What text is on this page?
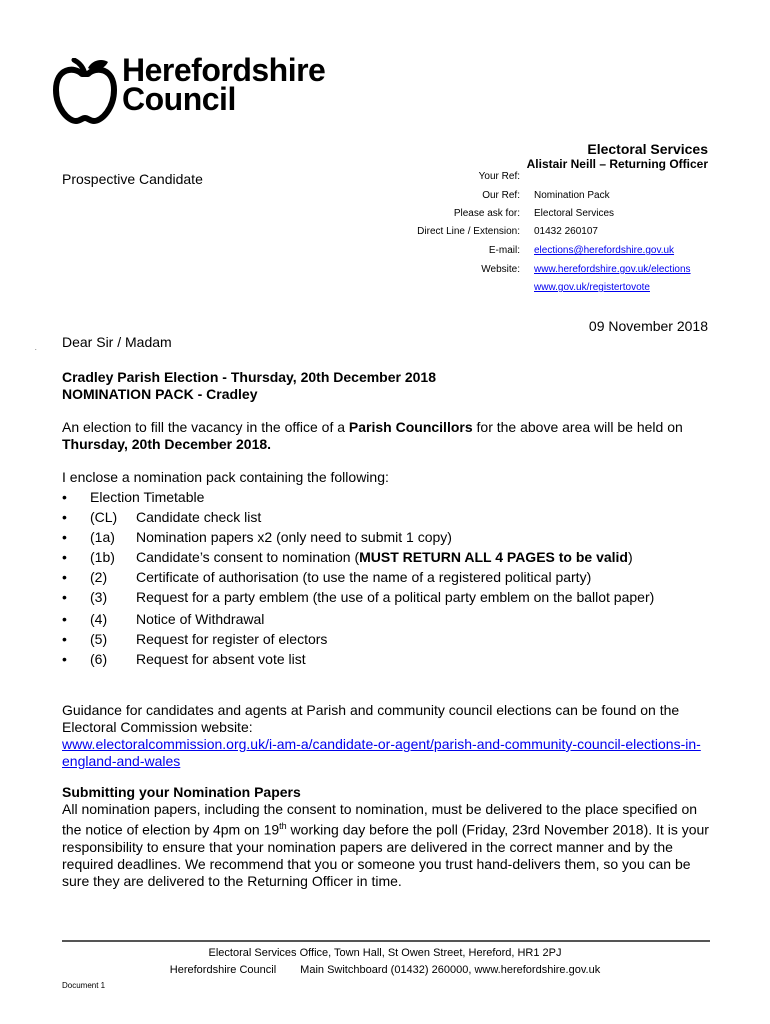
Herefordshire
Council
Electoral Services
Alistair Neill – Returning Officer
Prospective Candidate	Your Ref:
Our Ref: Nomination Pack
Please ask for: Electoral Services
Direct Line / Extension: 01432 260107
E-mail: elections@herefordshire.gov.uk
Website: www.herefordshire.gov.uk/elections
www.gov.uk/registertovote
09 November 2018
. Dear Sir / Madam
Cradley Parish Election - Thursday, 20th December 2018
NOMINATION PACK - Cradley
An election to fill the vacancy in the office of a Parish Councillors for the above area will be held on Thursday, 20th December 2018.
I enclose a nomination pack containing the following:
• Election Timetable
• (CL) Candidate check list
• (1a) Nomination papers x2 (only need to submit 1 copy)
• (1b) Candidate’s consent to nomination (MUST RETURN ALL 4 PAGES to be valid)
• (2) Certificate of authorisation (to use the name of a registered political party)
• (3) Request for a party emblem (the use of a political party emblem on the ballot paper)
• (4) Notice of Withdrawal
• (5) Request for register of electors
• (6) Request for absent vote list
Guidance for candidates and agents at Parish and community council elections can be found on the Electoral Commission website:
www.electoralcommission.org.uk/i-am-a/candidate-or-agent/parish-and-community-council-elections-in-england-and-wales
Submitting your Nomination Papers
All nomination papers, including the consent to nomination, must be delivered to the place specified on the notice of election by 4pm on 19th working day before the poll (Friday, 23rd November 2018). It is your responsibility to ensure that your nomination papers are delivered in the correct manner and by the required deadlines. We recommend that you or someone you trust hand-delivers them, so you can be sure they are delivered to the Returning Officer in time.
Electoral Services Office, Town Hall, St Owen Street, Hereford, HR1 2PJ
Herefordshire Council Main Switchboard (01432) 260000, www.herefordshire.gov.uk
Document 1
